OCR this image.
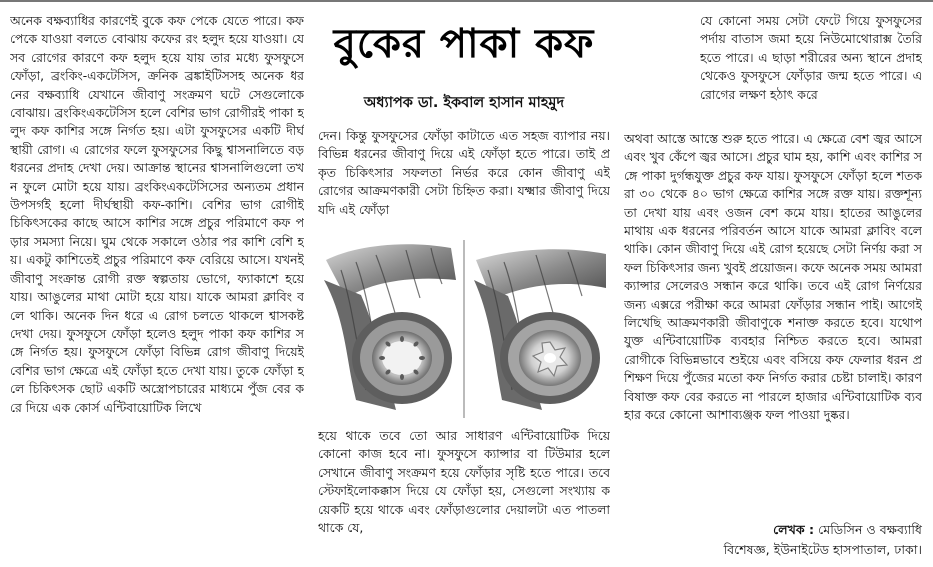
অনেক বক্ষব্যাধির কারণেই বুকে কফ পেকে যেতে পারে। কফ পেকে যাওয়া বলতে বোঝায় কফের রং হলুদ হয়ে যাওয়া। যে সব রোগের কারণে কফ হলুদ হয়ে যায় তার মধ্যে ফুসফুসে ফোঁড়া, ব্রংকিং-একটেসিস, ক্রনিক ব্রঙ্কাইটিসসহ অনেক ধরনের বক্ষব্যাধি যেখানে জীবাণু সংক্রমণ ঘটে সেগুলোকে বোঝায়। ব্রংকিংএকটেসিস হলে বেশির ভাগ রোগীরই পাকা হলুদ কফ কাশির সঙ্গে নির্গত হয়। এটা ফুসফুসের একটি দীর্ঘস্থায়ী রোগ। এ রোগের ফলে ফুসফুসের কিছু শ্বাসনালিতে বড় ধরনের প্রদাহ দেখা দেয়। আক্রান্ত স্থানের শ্বাসনালিগুলো তখন ফুলে মোটা হয়ে যায়। ব্রংকিংএকটেসিসের অন্যতম প্রধান উপসর্গই হলো দীর্ঘস্থায়ী কফ-কাশি। বেশির ভাগ রোগীই চিকিৎসকের কাছে আসে কাশির সঙ্গে প্রচুর পরিমাণে কফ পড়ার সমস্যা নিয়ে। ঘুম থেকে সকালে ওঠার পর কাশি বেশি হয়। একটু কাশিতেই প্রচুর পরিমাণে কফ বেরিয়ে আসে। যখনই জীবাণু সংক্রান্ত রোগী রক্ত স্বল্পতায় ভোগে, ফ্যাকাশে হয়ে যায়। আঙুলের মাথা মোটা হয়ে যায়। যাকে আমরা ক্লাবিং বলে থাকি। অনেক দিন ধরে এ রোগ চলতে থাকলে শ্বাসকষ্ট দেখা দেয়। ফুসফুসে ফোঁড়া হলেও হলুদ পাকা কফ কাশির সঙ্গে নির্গত হয়। ফুসফুসে ফোঁড়া বিভিন্ন রোগ জীবাণু দিয়েই বেশির ভাগ ক্ষেত্রে এই ফোঁড়া হতে দেখা যায়। তুকে ফোঁড়া হলে চিকিৎসক ছোট একটি অস্ত্রোপচারের মাধ্যমে পুঁজ বের করে দিয়ে এক কোর্স এন্টিবায়োটিক লিখে

বুকের পাকা কফ
অধ্যাপক ডা. ইকবাল হাসান মাহমুদ

দেন। কিন্তু ফুসফুসের ফোঁড়া কাটাতে এত সহজ ব্যাপার নয়। বিভিন্ন ধরনের জীবাণু দিয়ে এই ফোঁড়া হতে পারে। তাই প্রকৃত চিকিৎসার সফলতা নির্ভর করে কোন জীবাণু এই রোগের আক্রমণকারী সেটা চিহ্নিত করা। যক্ষ্মার জীবাণু দিয়ে যদি এই ফোঁড়া

হয়ে থাকে তবে তো আর সাধারণ এন্টিবায়োটিক দিয়ে কোনো কাজ হবে না। ফুসফুসে ক্যান্সার বা টিউমার হলে সেখানে জীবাণু সংক্রমণ হয়ে ফোঁড়ার সৃষ্টি হতে পারে। তবে স্টেফাইলোকক্কাস দিয়ে যে ফোঁড়া হয়, সেগুলো সংখ্যায় কয়েকটি হয়ে থাকে এবং ফোঁড়াগুলোর দেয়ালটা এত পাতলা থাকে যে,

যে কোনো সময় সেটা ফেটে গিয়ে ফুসফুসের পর্দায় বাতাস জমা হয়ে নিউমোথোরাক্স তৈরি হতে পারে। এ ছাড়া শরীরের অন্য স্থানে প্রদাহ থেকেও ফুসফুসে ফোঁড়ার জন্ম হতে পারে। এ রোগের লক্ষণ হঠাৎ করে

অথবা আস্তে আস্তে শুরু হতে পারে। এ ক্ষেত্রে বেশ জ্বর আসে এবং খুব কেঁপে জ্বর আসে। প্রচুর ঘাম হয়, কাশি এবং কাশির সঙ্গে পাকা দুর্গন্ধযুক্ত প্রচুর কফ যায়। ফুসফুসে ফোঁড়া হলে শতকরা ৩০ থেকে ৪০ ভাগ ক্ষেত্রে কাশির সঙ্গে রক্ত যায়। রক্তশূন্যতা দেখা যায় এবং ওজন বেশ কমে যায়। হাতের আঙুলের মাথায় এক ধরনের পরিবর্তন আসে যাকে আমরা ক্লাবিং বলে থাকি। কোন জীবাণু দিয়ে এই রোগ হয়েছে সেটা নির্ণয় করা সফল চিকিৎসার জন্য খুবই প্রয়োজন। কফে অনেক সময় আমরা ক্যান্সার সেলেরও সন্ধান করে থাকি। তবে এই রোগ নির্ণয়ের জন্য এক্সরে পরীক্ষা করে আমরা ফোঁড়ার সন্ধান পাই। আগেই লিখেছি আক্রমণকারী জীবাণুকে শনাক্ত করতে হবে। যথোপযুক্ত এন্টিবায়োটিক ব্যবহার নিশ্চিত করতে হবে। আমরা রোগীকে বিভিন্নভাবে শুইয়ে এবং বসিয়ে কফ ফেলার ধরন প্রশিক্ষণ দিয়ে পুঁজের মতো কফ নির্গত করার চেষ্টা চালাই। কারণ বিষাক্ত কফ বের করতে না পারলে হাজার এন্টিবায়োটিক ব্যবহার করে কোনো আশাব্যঞ্জক ফল পাওয়া দুষ্কর।

লেখক : মেডিসিন ও বক্ষব্যাধি
বিশেষজ্ঞ, ইউনাইটেড হাসপাতাল, ঢাকা।
